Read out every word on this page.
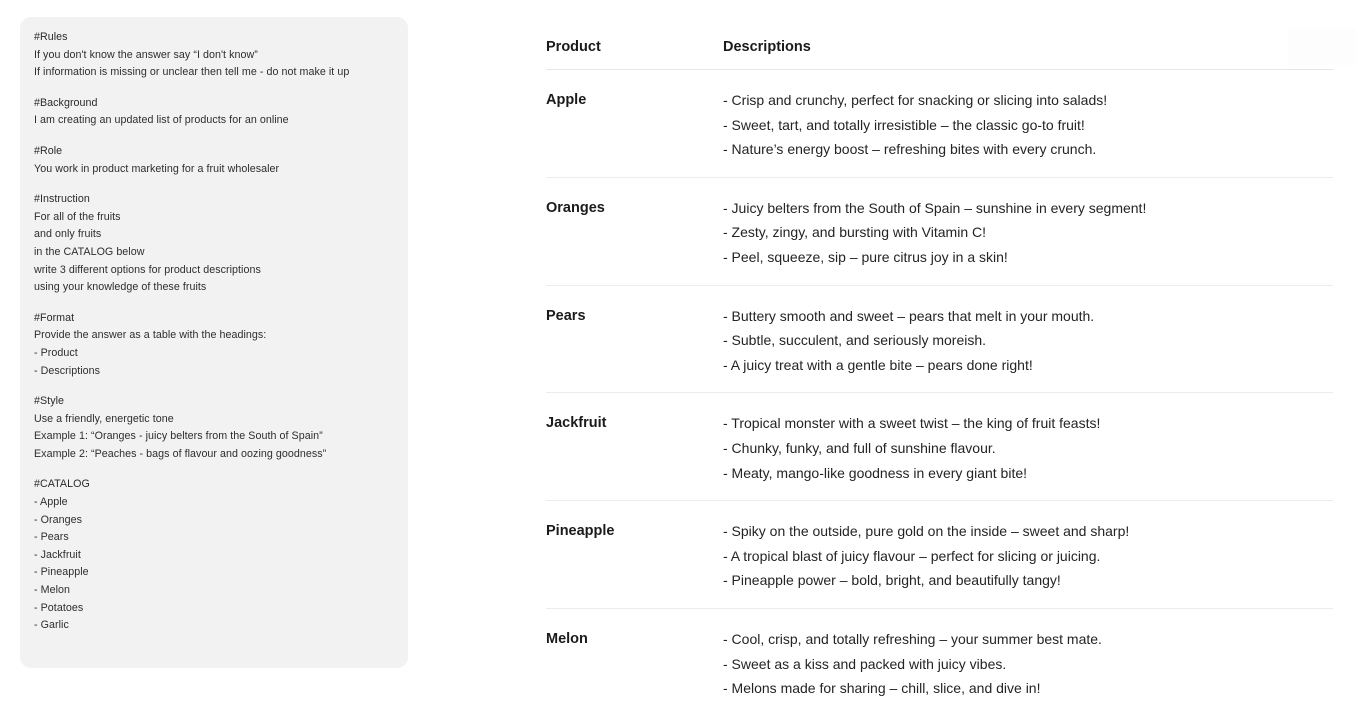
#Rules
If you don't know the answer say “I don't know”
If information is missing or unclear then tell me - do not make it up
#Background
I am creating an updated list of products for an online
#Role
You work in product marketing for a fruit wholesaler
#Instruction
For all of the fruits
and only fruits
in the CATALOG below
write 3 different options for product descriptions
using your knowledge of these fruits
#Format
Provide the answer as a table with the headings:
- Product
- Descriptions
#Style
Use a friendly, energetic tone
Example 1: “Oranges - juicy belters from the South of Spain”
Example 2: “Peaches - bags of flavour and oozing goodness”
#CATALOG
- Apple
- Oranges
- Pears
- Jackfruit
- Pineapple
- Melon
- Potatoes
- Garlic
Product	Descriptions
Apple	- Crisp and crunchy, perfect for snacking or slicing into salads!
- Sweet, tart, and totally irresistible – the classic go-to fruit!
- Nature’s energy boost – refreshing bites with every crunch.
Oranges	- Juicy belters from the South of Spain – sunshine in every segment!
- Zesty, zingy, and bursting with Vitamin C!
- Peel, squeeze, sip – pure citrus joy in a skin!
Pears	- Buttery smooth and sweet – pears that melt in your mouth.
- Subtle, succulent, and seriously moreish.
- A juicy treat with a gentle bite – pears done right!
Jackfruit	- Tropical monster with a sweet twist – the king of fruit feasts!
- Chunky, funky, and full of sunshine flavour.
- Meaty, mango-like goodness in every giant bite!
Pineapple	- Spiky on the outside, pure gold on the inside – sweet and sharp!
- A tropical blast of juicy flavour – perfect for slicing or juicing.
- Pineapple power – bold, bright, and beautifully tangy!
Melon	- Cool, crisp, and totally refreshing – your summer best mate.
- Sweet as a kiss and packed with juicy vibes.
- Melons made for sharing – chill, slice, and dive in!
